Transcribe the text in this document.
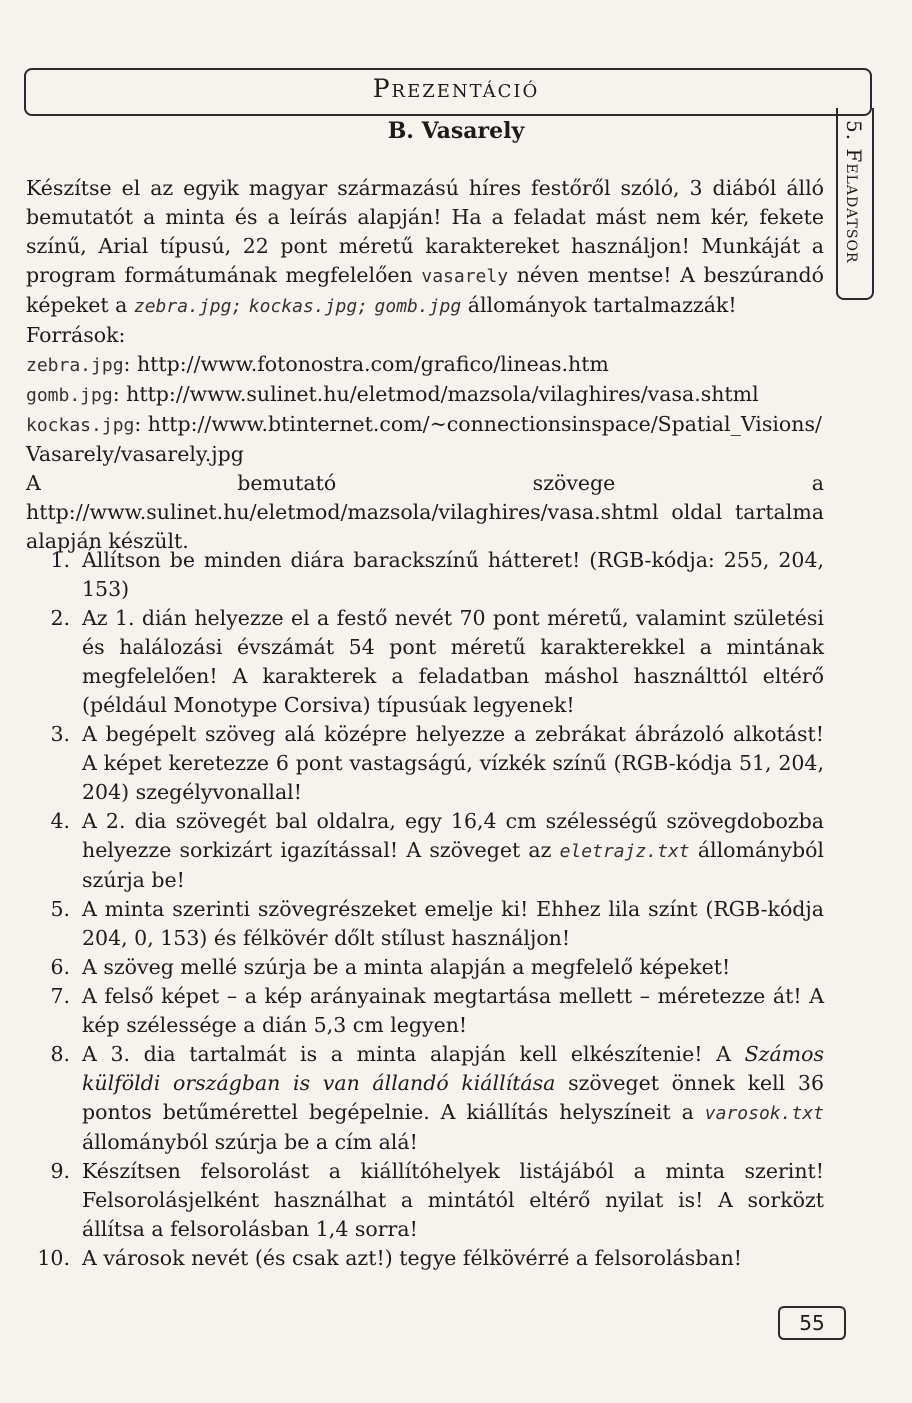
Prezentáció
5. Feladatsor
B. Vasarely

Készítse el az egyik magyar származású híres festőről szóló, 3 diából álló bemutatót a minta és a leírás alapján! Ha a feladat mást nem kér, fekete színű, Arial típusú, 22 pont méretű karaktereket használjon! Munkáját a program formátumának megfelelően vasarely néven mentse! A beszúrandó képeket a zebra.jpg; kockas.jpg; gomb.jpg állományok tartalmazzák!

Források:

zebra.jpg: http://www.fotonostra.com/grafico/lineas.htm

gomb.jpg: http://www.sulinet.hu/eletmod/mazsola/vilaghires/vasa.shtml

kockas.jpg: http://www.btinternet.com/~connectionsinspace/Spatial_Visions/Vasarely/vasarely.jpg

A bemutató szövege a http://www.sulinet.hu/eletmod/mazsola/vilaghires/vasa.shtml oldal tartalma alapján készült.

1. Állítson be minden diára barackszínű hátteret! (RGB-kódja: 255, 204, 153)
2. Az 1. dián helyezze el a festő nevét 70 pont méretű, valamint születési és halálozási évszámát 54 pont méretű karakterekkel a mintának megfelelően! A karakterek a feladatban máshol használttól eltérő (például Monotype Corsiva) típusúak legyenek!
3. A begépelt szöveg alá középre helyezze a zebrákat ábrázoló alkotást! A képet keretezze 6 pont vastagságú, vízkék színű (RGB-kódja 51, 204, 204) szegélyvonallal!
4. A 2. dia szövegét bal oldalra, egy 16,4 cm szélességű szövegdobozba helyezze sorkizárt igazítással! A szöveget az eletrajz.txt állományból szúrja be!
5. A minta szerinti szövegrészeket emelje ki! Ehhez lila színt (RGB-kódja 204, 0, 153) és félkövér dőlt stílust használjon!
6. A szöveg mellé szúrja be a minta alapján a megfelelő képeket!
7. A felső képet – a kép arányainak megtartása mellett – méretezze át! A kép szélessége a dián 5,3 cm legyen!
8. A 3. dia tartalmát is a minta alapján kell elkészítenie! A Számos külföldi országban is van állandó kiállítása szöveget önnek kell 36 pontos betűmérettel begépelnie. A kiállítás helyszíneit a varosok.txt állományból szúrja be a cím alá!
9. Készítsen felsorolást a kiállítóhelyek listájából a minta szerint! Felsorolásjelként használhat a mintától eltérő nyilat is! A sorközt állítsa a felsorolásban 1,4 sorra!
10. A városok nevét (és csak azt!) tegye félkövérré a felsorolásban!
55
